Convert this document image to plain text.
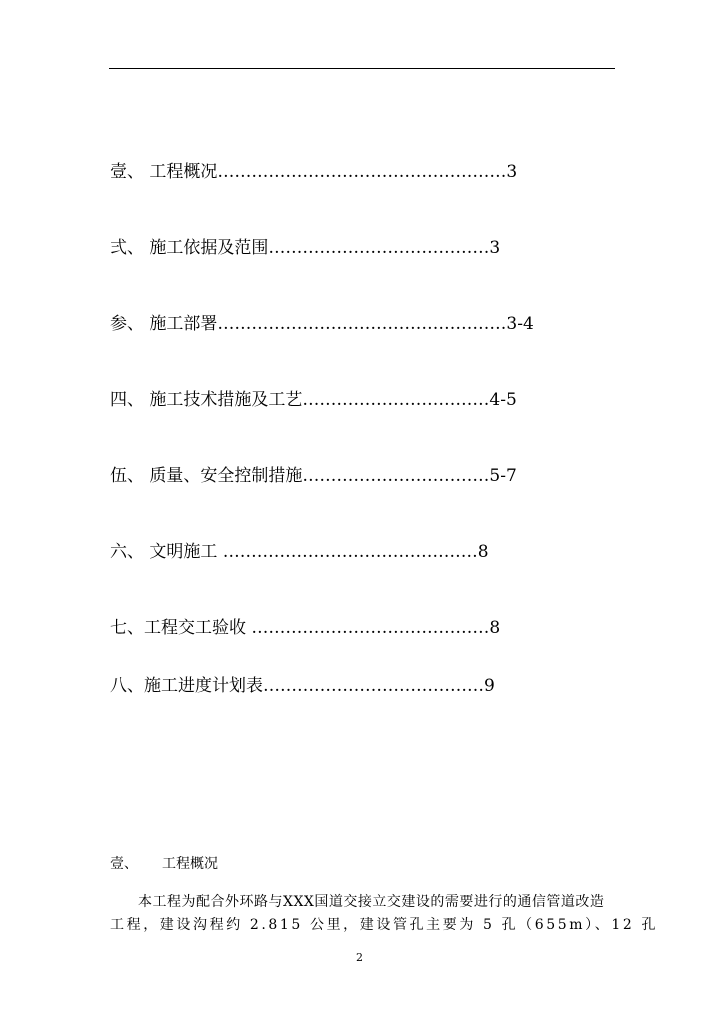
壹、 工程概况……………………………………………3
弍、 施工依据及范围…………………………………3
参、 施工部署……………………………………………3-4
四、 施工技术措施及工艺……………………………4-5
伍、 质量、安全控制措施……………………………5-7
六、 文明施工 ………………………………………8
七、工程交工验收 ……………………………………8
八、施工进度计划表…………………………………9
壹、 工程概况
本工程为配合外环路与XXX国道交接立交建设的需要进行的通信管道改造
工程，建设沟程约 2.815 公里，建设管孔主要为 5 孔（655m）、12 孔
2
